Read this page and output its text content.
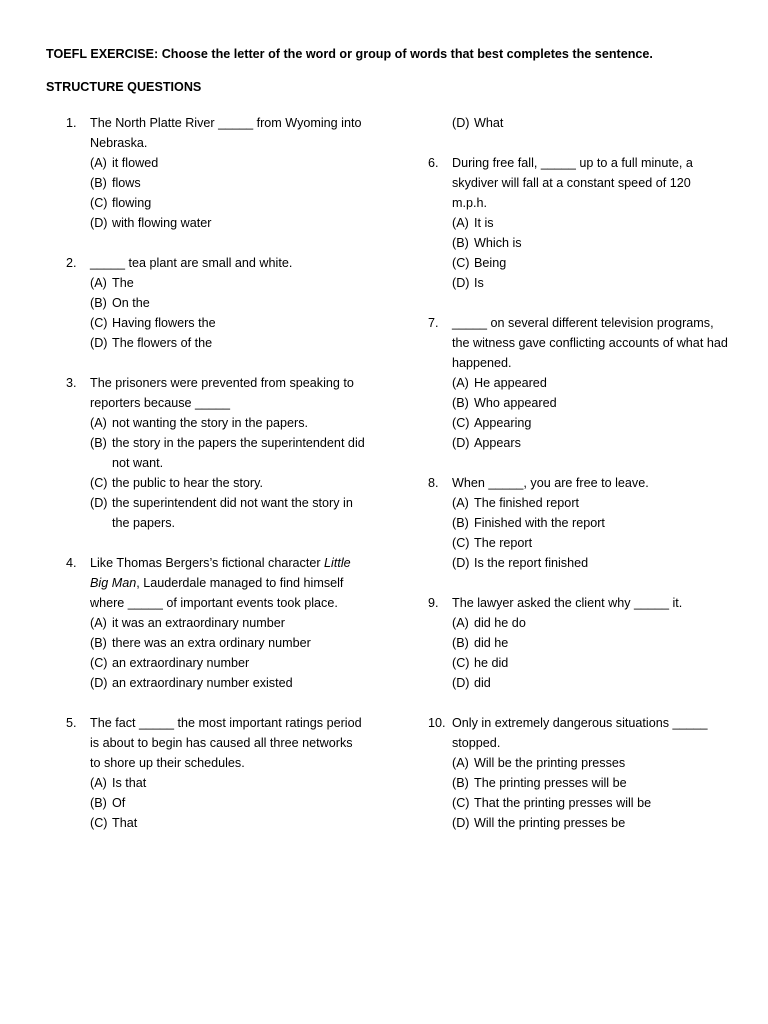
TOEFL EXERCISE: Choose the letter of the word or group of words that best completes the sentence.
STRUCTURE QUESTIONS
1. The North Platte River _____ from Wyoming into Nebraska.
(A) it flowed
(B) flows
(C) flowing
(D) with flowing water
2. _____ tea plant are small and white.
(A) The
(B) On the
(C) Having flowers the
(D) The flowers of the
3. The prisoners were prevented from speaking to reporters because _____
(A) not wanting the story in the papers.
(B) the story in the papers the superintendent did not want.
(C) the public to hear the story.
(D) the superintendent did not want the story in the papers.
4. Like Thomas Bergers’s fictional character Little Big Man, Lauderdale managed to find himself where _____ of important events took place.
(A) it was an extraordinary number
(B) there was an extra ordinary number
(C) an extraordinary number
(D) an extraordinary number existed
5. The fact _____ the most important ratings period is about to begin has caused all three networks to shore up their schedules.
(A) Is that
(B) Of
(C) That
(D) What
6. During free fall, _____ up to a full minute, a skydiver will fall at a constant speed of 120 m.p.h.
(A) It is
(B) Which is
(C) Being
(D) Is
7. _____ on several different television programs, the witness gave conflicting accounts of what had happened.
(A) He appeared
(B) Who appeared
(C) Appearing
(D) Appears
8. When _____, you are free to leave.
(A) The finished report
(B) Finished with the report
(C) The report
(D) Is the report finished
9. The lawyer asked the client why _____ it.
(A) did he do
(B) did he
(C) he did
(D) did
10. Only in extremely dangerous situations _____ stopped.
(A) Will be the printing presses
(B) The printing presses will be
(C) That the printing presses will be
(D) Will the printing presses be
